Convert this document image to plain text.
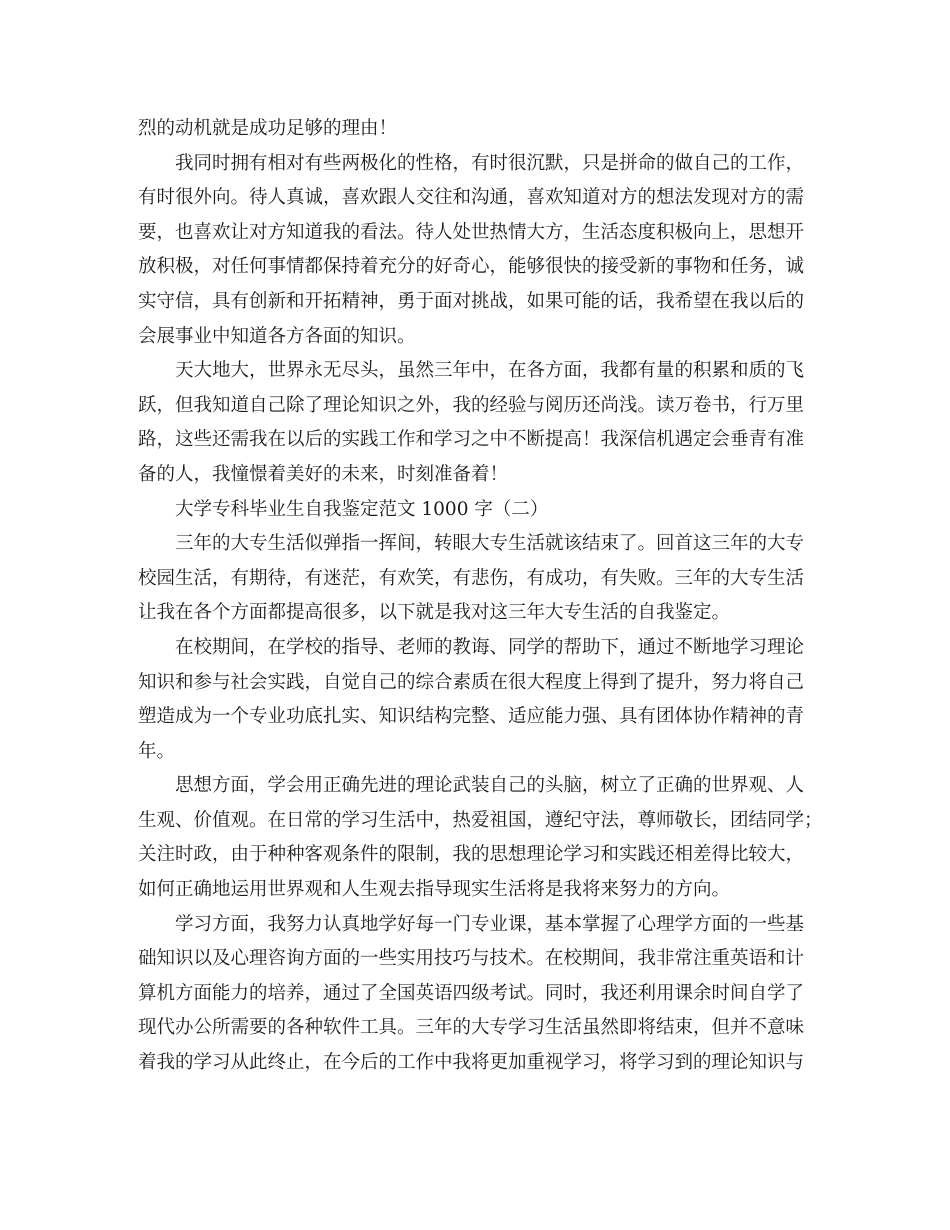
烈的动机就是成功足够的理由！
我同时拥有相对有些两极化的性格，有时很沉默，只是拼命的做自己的工作，
有时很外向。待人真诚，喜欢跟人交往和沟通，喜欢知道对方的想法发现对方的需
要，也喜欢让对方知道我的看法。待人处世热情大方，生活态度积极向上，思想开
放积极，对任何事情都保持着充分的好奇心，能够很快的接受新的事物和任务，诚
实守信，具有创新和开拓精神，勇于面对挑战，如果可能的话，我希望在我以后的
会展事业中知道各方各面的知识。
天大地大，世界永无尽头，虽然三年中，在各方面，我都有量的积累和质的飞
跃，但我知道自己除了理论知识之外，我的经验与阅历还尚浅。读万卷书，行万里
路，这些还需我在以后的实践工作和学习之中不断提高！我深信机遇定会垂青有准
备的人，我憧憬着美好的未来，时刻准备着！
大学专科毕业生自我鉴定范文 1000 字（二）
三年的大专生活似弹指一挥间，转眼大专生活就该结束了。回首这三年的大专
校园生活，有期待，有迷茫，有欢笑，有悲伤，有成功，有失败。三年的大专生活
让我在各个方面都提高很多，以下就是我对这三年大专生活的自我鉴定。
在校期间，在学校的指导、老师的教诲、同学的帮助下，通过不断地学习理论
知识和参与社会实践，自觉自己的综合素质在很大程度上得到了提升，努力将自己
塑造成为一个专业功底扎实、知识结构完整、适应能力强、具有团体协作精神的青
年。
思想方面，学会用正确先进的理论武装自己的头脑，树立了正确的世界观、人
生观、价值观。在日常的学习生活中，热爱祖国，遵纪守法，尊师敬长，团结同学；
关注时政，由于种种客观条件的限制，我的思想理论学习和实践还相差得比较大，
如何正确地运用世界观和人生观去指导现实生活将是我将来努力的方向。
学习方面，我努力认真地学好每一门专业课，基本掌握了心理学方面的一些基
础知识以及心理咨询方面的一些实用技巧与技术。在校期间，我非常注重英语和计
算机方面能力的培养，通过了全国英语四级考试。同时，我还利用课余时间自学了
现代办公所需要的各种软件工具。三年的大专学习生活虽然即将结束，但并不意味
着我的学习从此终止，在今后的工作中我将更加重视学习，将学习到的理论知识与
